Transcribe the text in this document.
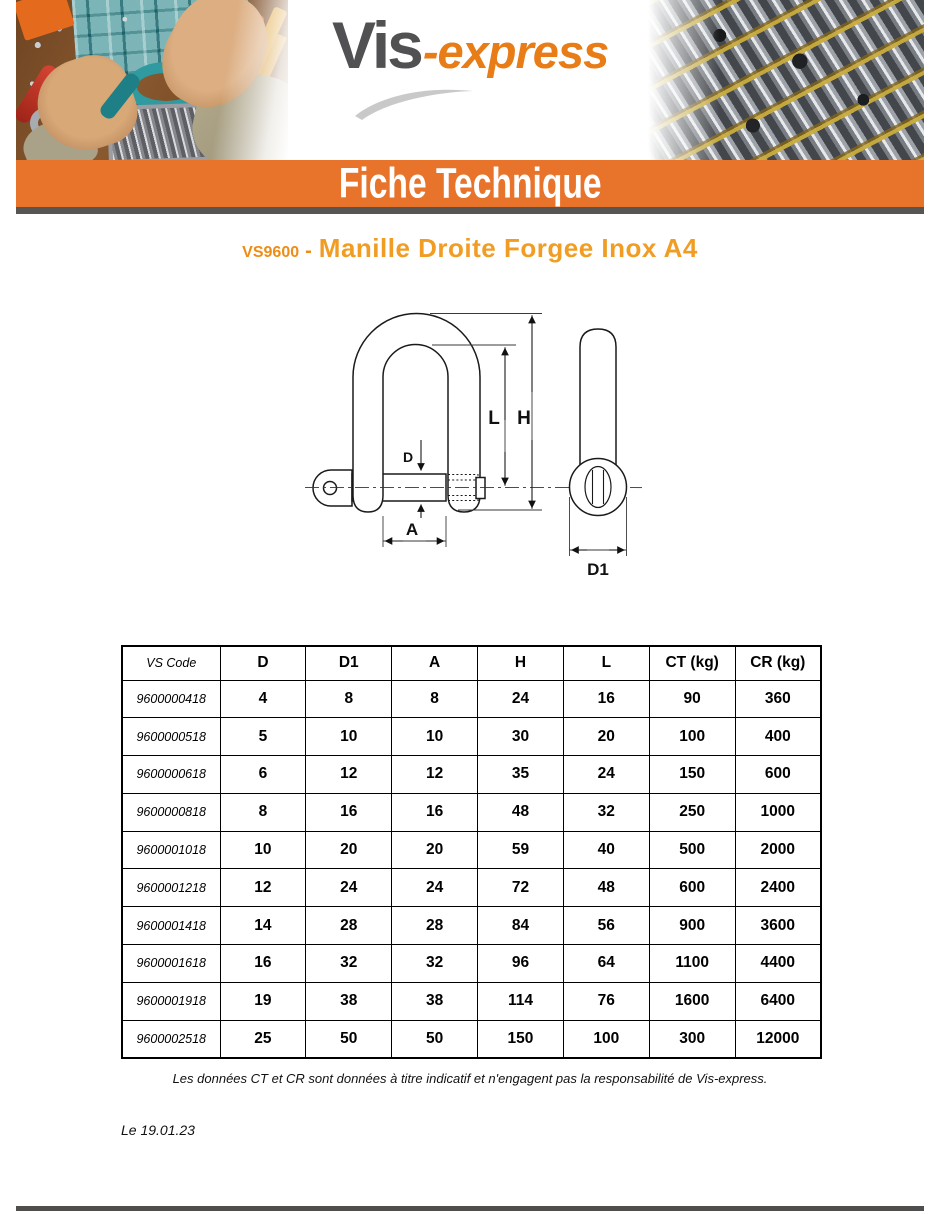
Vis -express
Fiche Technique
VS9600 - Manille Droite Forgee Inox A4
D
A
L H
D1
VS Code	D	D1	A	H	L	CT (kg)	CR (kg)
9600000418	4	8	8	24	16	90	360
9600000518	5	10	10	30	20	100	400
9600000618	6	12	12	35	24	150	600
9600000818	8	16	16	48	32	250	1000
9600001018	10	20	20	59	40	500	2000
9600001218	12	24	24	72	48	600	2400
9600001418	14	28	28	84	56	900	3600
9600001618	16	32	32	96	64	1100	4400
9600001918	19	38	38	114	76	1600	6400
9600002518	25	50	50	150	100	300	12000
Les données CT et CR sont données à titre indicatif et n'engagent pas la responsabilité de Vis-express.
Le 19.01.23
